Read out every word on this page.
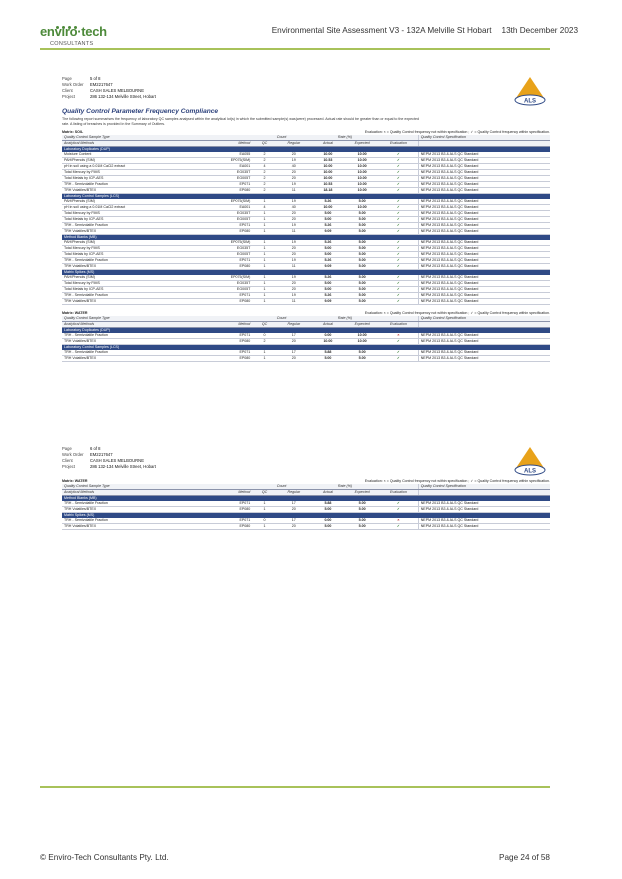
enviro·tech
CONSULTANTS
Environmental Site Assessment V3 - 132A Melville St Hobart 13th December 2023
Page	5 of 8
Work Order	EM2217647
Client	CASH SALES MELBOURNE
Project	286 132-134 Melville Street, Hobart
ALS
Quality Control Parameter Frequency Compliance
The following report summarises the frequency of laboratory QC samples analysed within the analytical lot(s) in which the submitted sample(s) was(were) processed. Actual rate should be greater than or equal to the expected rate. A listing of breaches is provided in the Summary of Outliers.
Matrix: SOIL	Evaluation: × = Quality Control frequency not within specification ; ✓ = Quality Control frequency within specification.
Quality Control Sample Type		Count		Rate (%)			Quality Control Specification
Analytical Methods	Method	QC	Regular	Actual	Expected	Evaluation	
Laboratory Duplicates (DUP)							
Moisture Content	EA055	2	20	10.00	10.00	✓	NEPM 2013 B3 & ALS QC Standard
PAH/Phenols (SIM)	EP075(SIM)	2	19	10.53	10.00	✓	NEPM 2013 B3 & ALS QC Standard
pH in soil using a 0.01M CaCl2 extract	EA001	4	40	10.00	10.00	✓	NEPM 2013 B3 & ALS QC Standard
Total Mercury by FIMS	EG035T	2	20	10.00	10.00	✓	NEPM 2013 B3 & ALS QC Standard
Total Metals by ICP-AES	EG005T	2	20	10.00	10.00	✓	NEPM 2013 B3 & ALS QC Standard
TRH - Semivolatile Fraction	EP071	2	19	10.53	10.00	✓	NEPM 2013 B3 & ALS QC Standard
TRH Volatiles/BTEX	EP080	2	11	18.18	10.00	✓	NEPM 2013 B3 & ALS QC Standard
Laboratory Control Samples (LCS)							
PAH/Phenols (SIM)	EP075(SIM)	1	19	5.26	5.00	✓	NEPM 2013 B3 & ALS QC Standard
pH in soil using a 0.01M CaCl2 extract	EA001	4	40	10.00	10.00	✓	NEPM 2013 B3 & ALS QC Standard
Total Mercury by FIMS	EG035T	1	20	5.00	5.00	✓	NEPM 2013 B3 & ALS QC Standard
Total Metals by ICP-AES	EG005T	1	20	5.00	5.00	✓	NEPM 2013 B3 & ALS QC Standard
TRH - Semivolatile Fraction	EP071	1	19	5.26	5.00	✓	NEPM 2013 B3 & ALS QC Standard
TRH Volatiles/BTEX	EP080	1	11	9.09	5.00	✓	NEPM 2013 B3 & ALS QC Standard
Method Blanks (MB)							
PAH/Phenols (SIM)	EP075(SIM)	1	19	5.26	5.00	✓	NEPM 2013 B3 & ALS QC Standard
Total Mercury by FIMS	EG035T	1	20	5.00	5.00	✓	NEPM 2013 B3 & ALS QC Standard
Total Metals by ICP-AES	EG005T	1	20	5.00	5.00	✓	NEPM 2013 B3 & ALS QC Standard
TRH - Semivolatile Fraction	EP071	1	19	5.26	5.00	✓	NEPM 2013 B3 & ALS QC Standard
TRH Volatiles/BTEX	EP080	1	11	9.09	5.00	✓	NEPM 2013 B3 & ALS QC Standard
Matrix Spikes (MS)							
PAH/Phenols (SIM)	EP075(SIM)	1	19	5.26	5.00	✓	NEPM 2013 B3 & ALS QC Standard
Total Mercury by FIMS	EG035T	1	20	5.00	5.00	✓	NEPM 2013 B3 & ALS QC Standard
Total Metals by ICP-AES	EG005T	1	20	5.00	5.00	✓	NEPM 2013 B3 & ALS QC Standard
TRH - Semivolatile Fraction	EP071	1	19	5.26	5.00	✓	NEPM 2013 B3 & ALS QC Standard
TRH Volatiles/BTEX	EP080	1	11	9.09	5.00	✓	NEPM 2013 B3 & ALS QC Standard
Matrix: WATER	Evaluation: × = Quality Control frequency not within specification ; ✓ = Quality Control frequency within specification.
Quality Control Sample Type		Count		Rate (%)			Quality Control Specification
Analytical Methods	Method	QC	Regular	Actual	Expected	Evaluation	
Laboratory Duplicates (DUP)							
TRH - Semivolatile Fraction	EP071	0	17	0.00	10.00	×	NEPM 2013 B3 & ALS QC Standard
TRH Volatiles/BTEX	EP080	2	20	10.00	10.00	✓	NEPM 2013 B3 & ALS QC Standard
Laboratory Control Samples (LCS)							
TRH - Semivolatile Fraction	EP071	1	17	5.88	5.00	✓	NEPM 2013 B3 & ALS QC Standard
TRH Volatiles/BTEX	EP080	1	20	5.00	5.00	✓	NEPM 2013 B3 & ALS QC Standard
Page	6 of 8
Work Order	EM2217647
Client	CASH SALES MELBOURNE
Project	286 132-134 Melville Street, Hobart
ALS
Matrix: WATER	Evaluation: × = Quality Control frequency not within specification ; ✓ = Quality Control frequency within specification.
Quality Control Sample Type		Count		Rate (%)			Quality Control Specification
Analytical Methods	Method	QC	Regular	Actual	Expected	Evaluation	
Method Blanks (MB)							
TRH - Semivolatile Fraction	EP071	1	17	5.88	5.00	✓	NEPM 2013 B3 & ALS QC Standard
TRH Volatiles/BTEX	EP080	1	20	5.00	5.00	✓	NEPM 2013 B3 & ALS QC Standard
Matrix Spikes (MS)							
TRH - Semivolatile Fraction	EP071	0	17	0.00	5.00	×	NEPM 2013 B3 & ALS QC Standard
TRH Volatiles/BTEX	EP080	1	20	5.00	5.00	✓	NEPM 2013 B3 & ALS QC Standard
© Enviro-Tech Consultants Pty. Ltd.	Page 24 of 58
